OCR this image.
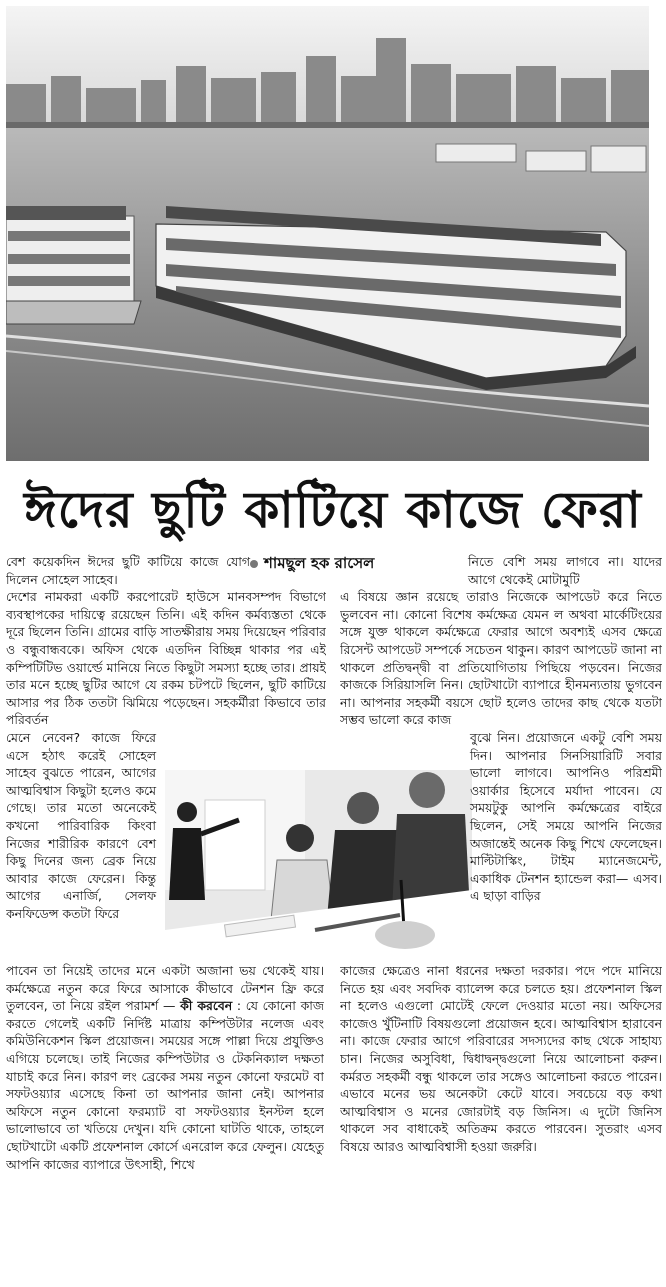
ঈদের ছুটি কাটিয়ে কাজে ফেরা
শামছুল হক রাসেল
বেশ কয়েকদিন ঈদের ছুটি কাটিয়ে কাজে যোগ দিলেন সোহেল সাহেব।
দেশের নামকরা একটি করপোরেট হাউসে মানবসম্পদ বিভাগে ব্যবস্থাপকের দায়িত্বে রয়েছেন তিনি। এই কদিন কর্মব্যস্ততা থেকে দূরে ছিলেন তিনি। গ্রামের বাড়ি সাতক্ষীরায় সময় দিয়েছেন পরিবার ও বন্ধুবান্ধবকে। অফিস থেকে এতদিন বিচ্ছিন্ন থাকার পর এই কম্পিটিটিভ ওয়ার্ল্ডে মানিয়ে নিতে কিছুটা সমস্যা হচ্ছে তার। প্রায়ই তার মনে হচ্ছে ছুটির আগে যে রকম চটপটে ছিলেন, ছুটি কাটিয়ে আসার পর ঠিক ততটা ঝিমিয়ে পড়েছেন। সহকর্মীরা কিভাবে তার পরিবর্তন
মেনে নেবেন? কাজে ফিরে এসে হঠাৎ করেই সোহেল সাহেব বুঝতে পারেন, আগের আত্মবিশ্বাস কিছুটা হলেও কমে গেছে। তার মতো অনেকেই কখনো পারিবারিক কিংবা নিজের শারীরিক কারণে বেশ কিছু দিনের জন্য ব্রেক নিয়ে আবার কাজে ফেরেন। কিন্তু আগের এনার্জি, সেলফ কনফিডেন্স কতটা ফিরে
পাবেন তা নিয়েই তাদের মনে একটা অজানা ভয় থেকেই যায়। কর্মক্ষেত্রে নতুন করে ফিরে আসাকে কীভাবে টেনশন ফ্রি করে তুলবেন, তা নিয়ে রইল পরামর্শ — কী করবেন : যে কোনো কাজ করতে গেলেই একটি নির্দিষ্ট মাত্রায় কম্পিউটার নলেজ এবং কমিউনিকেশন স্কিল প্রয়োজন। সময়ের সঙ্গে পাল্লা দিয়ে প্রযুক্তিও এগিয়ে চলেছে। তাই নিজের কম্পিউটার ও টেকনিক্যাল দক্ষতা যাচাই করে নিন। কারণ লং ব্রেকের সময় নতুন কোনো ফরমেট বা সফটওয়্যার এসেছে কিনা তা আপনার জানা নেই। আপনার অফিসে নতুন কোনো ফরম্যাট বা সফটওয়্যার ইনস্টল হলে ভালোভাবে তা খতিয়ে দেখুন। যদি কোনো ঘাটতি থাকে, তাহলে ছোটখাটো একটি প্রফেশনাল কোর্সে এনরোল করে ফেলুন। যেহেতু আপনি কাজের ব্যাপারে উৎসাহী, শিখে
নিতে বেশি সময় লাগবে না। যাদের আগে থেকেই মোটামুটি
এ বিষয়ে জ্ঞান রয়েছে তারাও নিজেকে আপডেট করে নিতে ভুলবেন না। কোনো বিশেষ কর্মক্ষেত্র যেমন ল অথবা মার্কেটিংয়ের সঙ্গে যুক্ত থাকলে কর্মক্ষেত্রে ফেরার আগে অবশ্যই এসব ক্ষেত্রে রিসেন্ট আপডেট সম্পর্কে সচেতন থাকুন। কারণ আপডেট জানা না থাকলে প্রতিদ্বন্দ্বী বা প্রতিযোগিতায় পিছিয়ে পড়বেন। নিজের কাজকে সিরিয়াসলি নিন। ছোটখাটো ব্যাপারে হীনমন্যতায় ভুগবেন না। আপনার সহকর্মী বয়সে ছোট হলেও তাদের কাছ থেকে যতটা সম্ভব ভালো করে কাজ
বুঝে নিন। প্রয়োজনে একটু বেশি সময় দিন। আপনার সিনসিয়ারিটি সবার ভালো লাগবে। আপনিও পরিশ্রমী ওয়ার্কার হিসেবে মর্যাদা পাবেন। যে সময়টুকু আপনি কর্মক্ষেত্রের বাইরে ছিলেন, সেই সময়ে আপনি নিজের অজান্তেই অনেক কিছু শিখে ফেলেছেন। মাল্টিটাস্কিং, টাইম ম্যানেজমেন্ট, একাধিক টেনশন হ্যান্ডেল করা— এসব। এ ছাড়া বাড়ির
কাজের ক্ষেত্রেও নানা ধরনের দক্ষতা দরকার। পদে পদে মানিয়ে নিতে হয় এবং সবদিক ব্যালেন্স করে চলতে হয়। প্রফেশনাল স্কিল না হলেও এগুলো মোটেই ফেলে দেওয়ার মতো নয়। অফিসের কাজেও খুঁটিনাটি বিষয়গুলো প্রয়োজন হবে। আত্মবিশ্বাস হারাবেন না। কাজে ফেরার আগে পরিবারের সদস্যদের কাছ থেকে সাহায্য চান। নিজের অসুবিধা, দ্বিধাদ্বন্দ্বগুলো নিয়ে আলোচনা করুন। কর্মরত সহকর্মী বন্ধু থাকলে তার সঙ্গেও আলোচনা করতে পারেন। এভাবে মনের ভয় অনেকটা কেটে যাবে। সবচেয়ে বড় কথা আত্মবিশ্বাস ও মনের জোরটাই বড় জিনিস। এ দুটো জিনিস থাকলে সব বাধাকেই অতিক্রম করতে পারবেন। সুতরাং এসব বিষয়ে আরও আত্মবিশ্বাসী হওয়া জরুরি।
